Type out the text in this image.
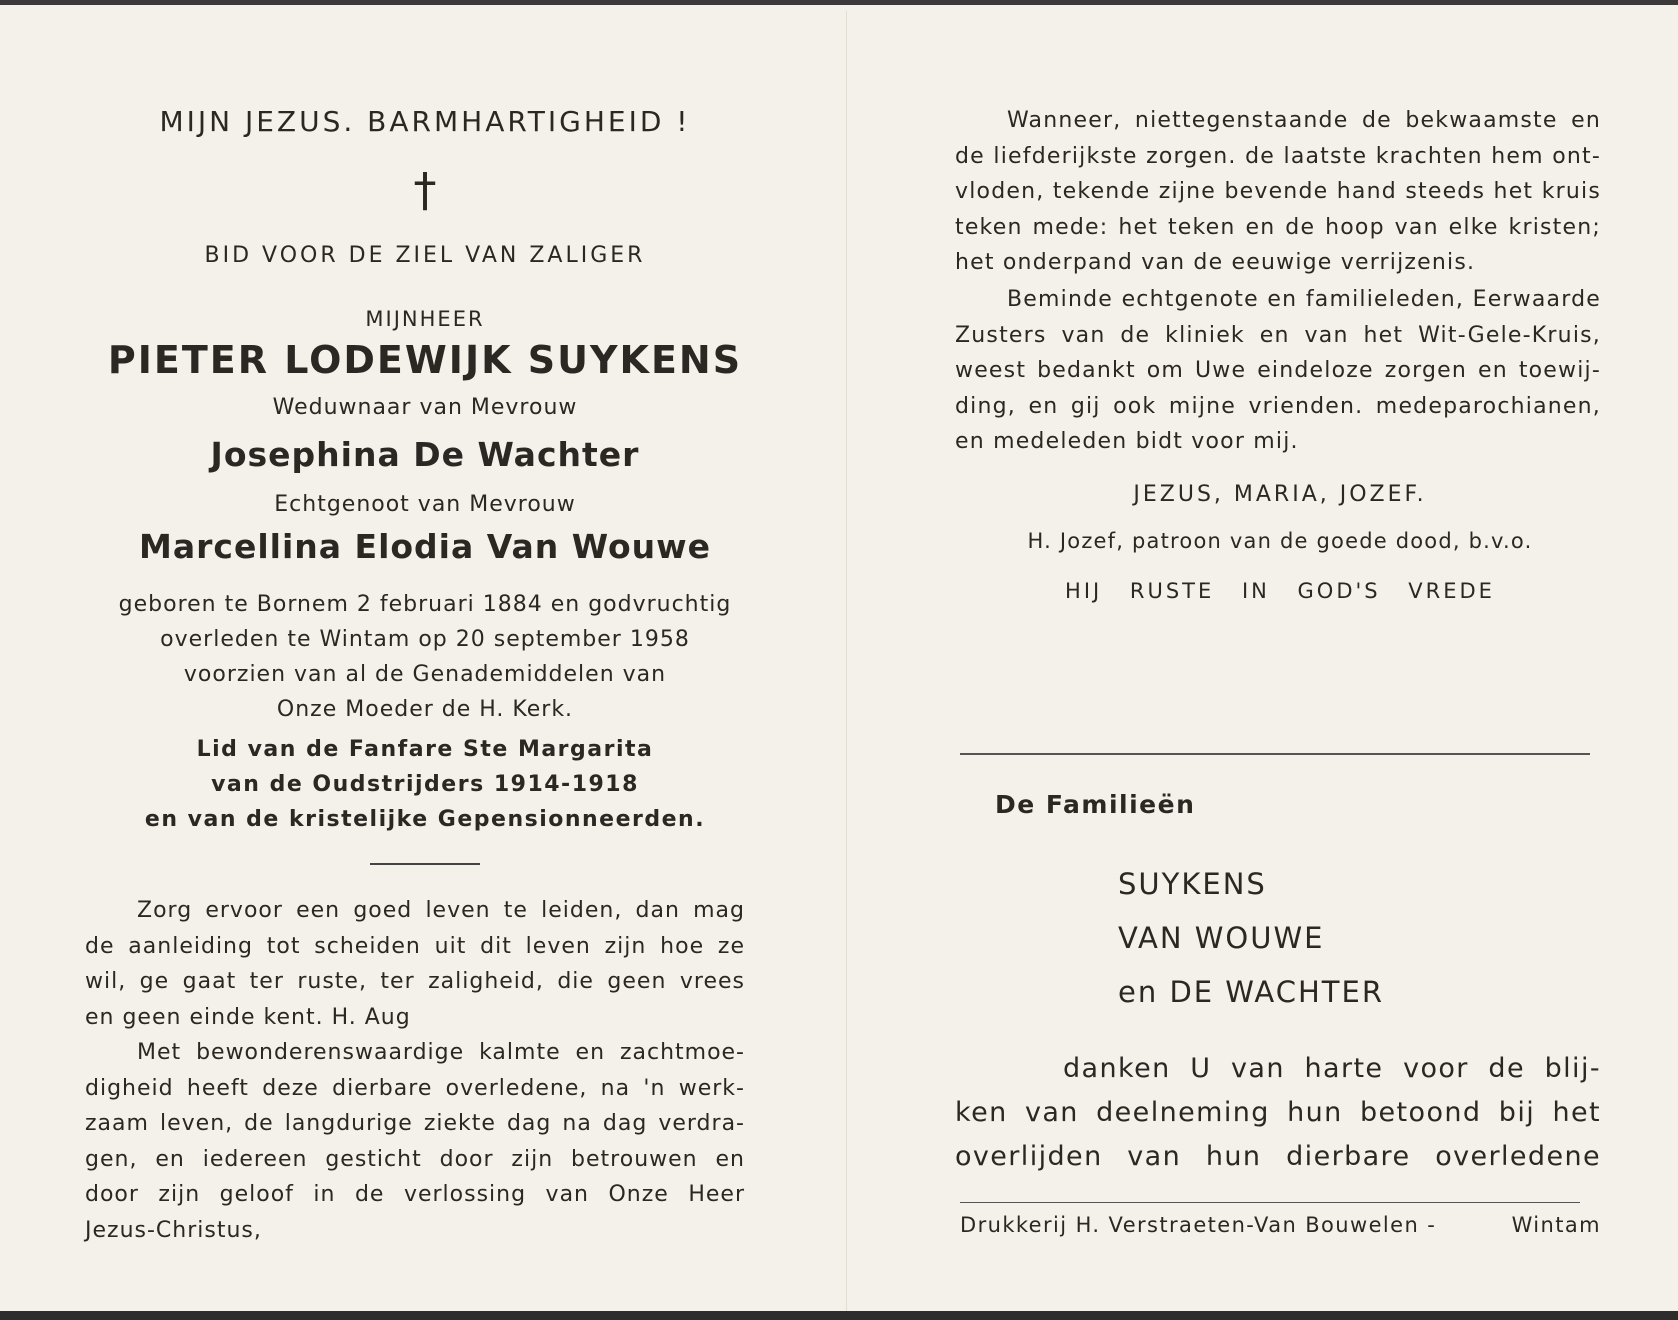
MIJN JEZUS. BARMHARTIGHEID !
†
BID VOOR DE ZIEL VAN ZALIGER
MIJNHEER
PIETER LODEWIJK SUYKENS
Weduwnaar van Mevrouw
Josephina De Wachter
Echtgenoot van Mevrouw
Marcellina Elodia Van Wouwe
geboren te Bornem 2 februari 1884 en godvruchtig
overleden te Wintam op 20 september 1958
voorzien van al de Genademiddelen van
Onze Moeder de H. Kerk.
Lid van de Fanfare Ste Margarita
van de Oudstrijders 1914-1918
en van de kristelijke Gepensionneerden.
Zorg ervoor een goed leven te leiden, dan mag
de aanleiding tot scheiden uit dit leven zijn hoe ze
wil, ge gaat ter ruste, ter zaligheid, die geen vrees
en geen einde kent. H. Aug
Met bewonderenswaardige kalmte en zachtmoe-
digheid heeft deze dierbare overledene, na 'n werk-
zaam leven, de langdurige ziekte dag na dag verdra-
gen, en iedereen gesticht door zijn betrouwen en
door zijn geloof in de verlossing van Onze Heer
Jezus-Christus,
Wanneer, niettegenstaande de bekwaamste en
de liefderijkste zorgen. de laatste krachten hem ont-
vloden, tekende zijne bevende hand steeds het kruis
teken mede: het teken en de hoop van elke kristen;
het onderpand van de eeuwige verrijzenis.
Beminde echtgenote en familieleden, Eerwaarde
Zusters van de kliniek en van het Wit-Gele-Kruis,
weest bedankt om Uwe eindeloze zorgen en toewij-
ding, en gij ook mijne vrienden. medeparochianen,
en medeleden bidt voor mij.
JEZUS, MARIA, JOZEF.
H. Jozef, patroon van de goede dood, b.v.o.
HIJ RUSTE IN GOD'S VREDE
De Familieën
SUYKENS
VAN WOUWE
en DE WACHTER
danken U van harte voor de blij-
ken van deelneming hun betoond bij het
overlijden van hun dierbare overledene
Drukkerij H. Verstraeten-Van Bouwelen -	Wintam
